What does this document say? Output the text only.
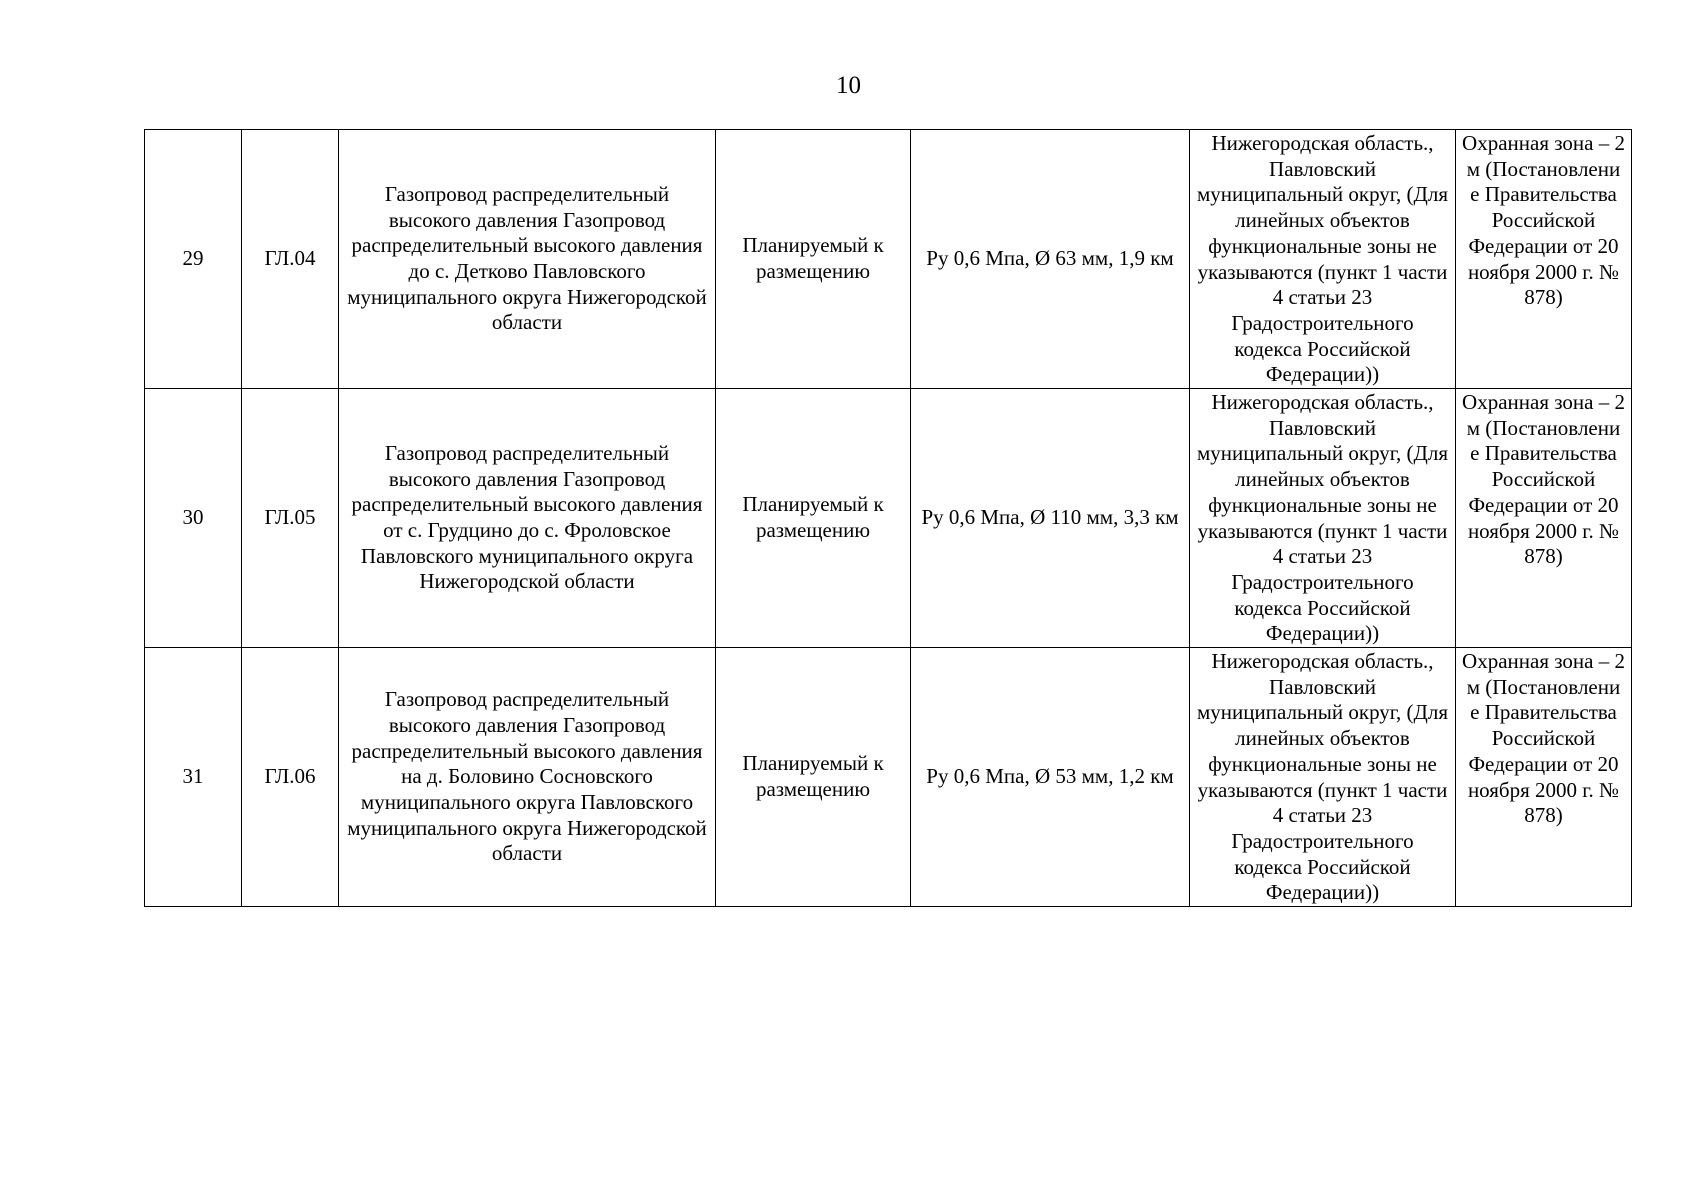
10
29	ГЛ.04	Газопровод распределительный высокого давления Газопровод распределительный высокого давления до с. Детково Павловского муниципального округа Нижегородской области	Планируемый к размещению	Ру 0,6 Мпа, Ø 63 мм, 1,9 км	Нижегородская область., Павловский муниципальный округ, (Для линейных объектов функциональные зоны не указываются (пункт 1 части 4 статьи 23 Градостроительного кодекса Российской Федерации))	Охранная зона – 2 м (Постановлени е Правительства Российской Федерации от 20 ноября 2000 г. № 878)
30	ГЛ.05	Газопровод распределительный высокого давления Газопровод распределительный высокого давления от с. Грудцино до с. Фроловское Павловского муниципального округа Нижегородской области	Планируемый к размещению	Ру 0,6 Мпа, Ø 110 мм, 3,3 км	Нижегородская область., Павловский муниципальный округ, (Для линейных объектов функциональные зоны не указываются (пункт 1 части 4 статьи 23 Градостроительного кодекса Российской Федерации))	Охранная зона – 2 м (Постановлени е Правительства Российской Федерации от 20 ноября 2000 г. № 878)
31	ГЛ.06	Газопровод распределительный высокого давления Газопровод распределительный высокого давления на д. Боловино Сосновского муниципального округа Павловского муниципального округа Нижегородской области	Планируемый к размещению	Ру 0,6 Мпа, Ø 53 мм, 1,2 км	Нижегородская область., Павловский муниципальный округ, (Для линейных объектов функциональные зоны не указываются (пункт 1 части 4 статьи 23 Градостроительного кодекса Российской Федерации))	Охранная зона – 2 м (Постановлени е Правительства Российской Федерации от 20 ноября 2000 г. № 878)
